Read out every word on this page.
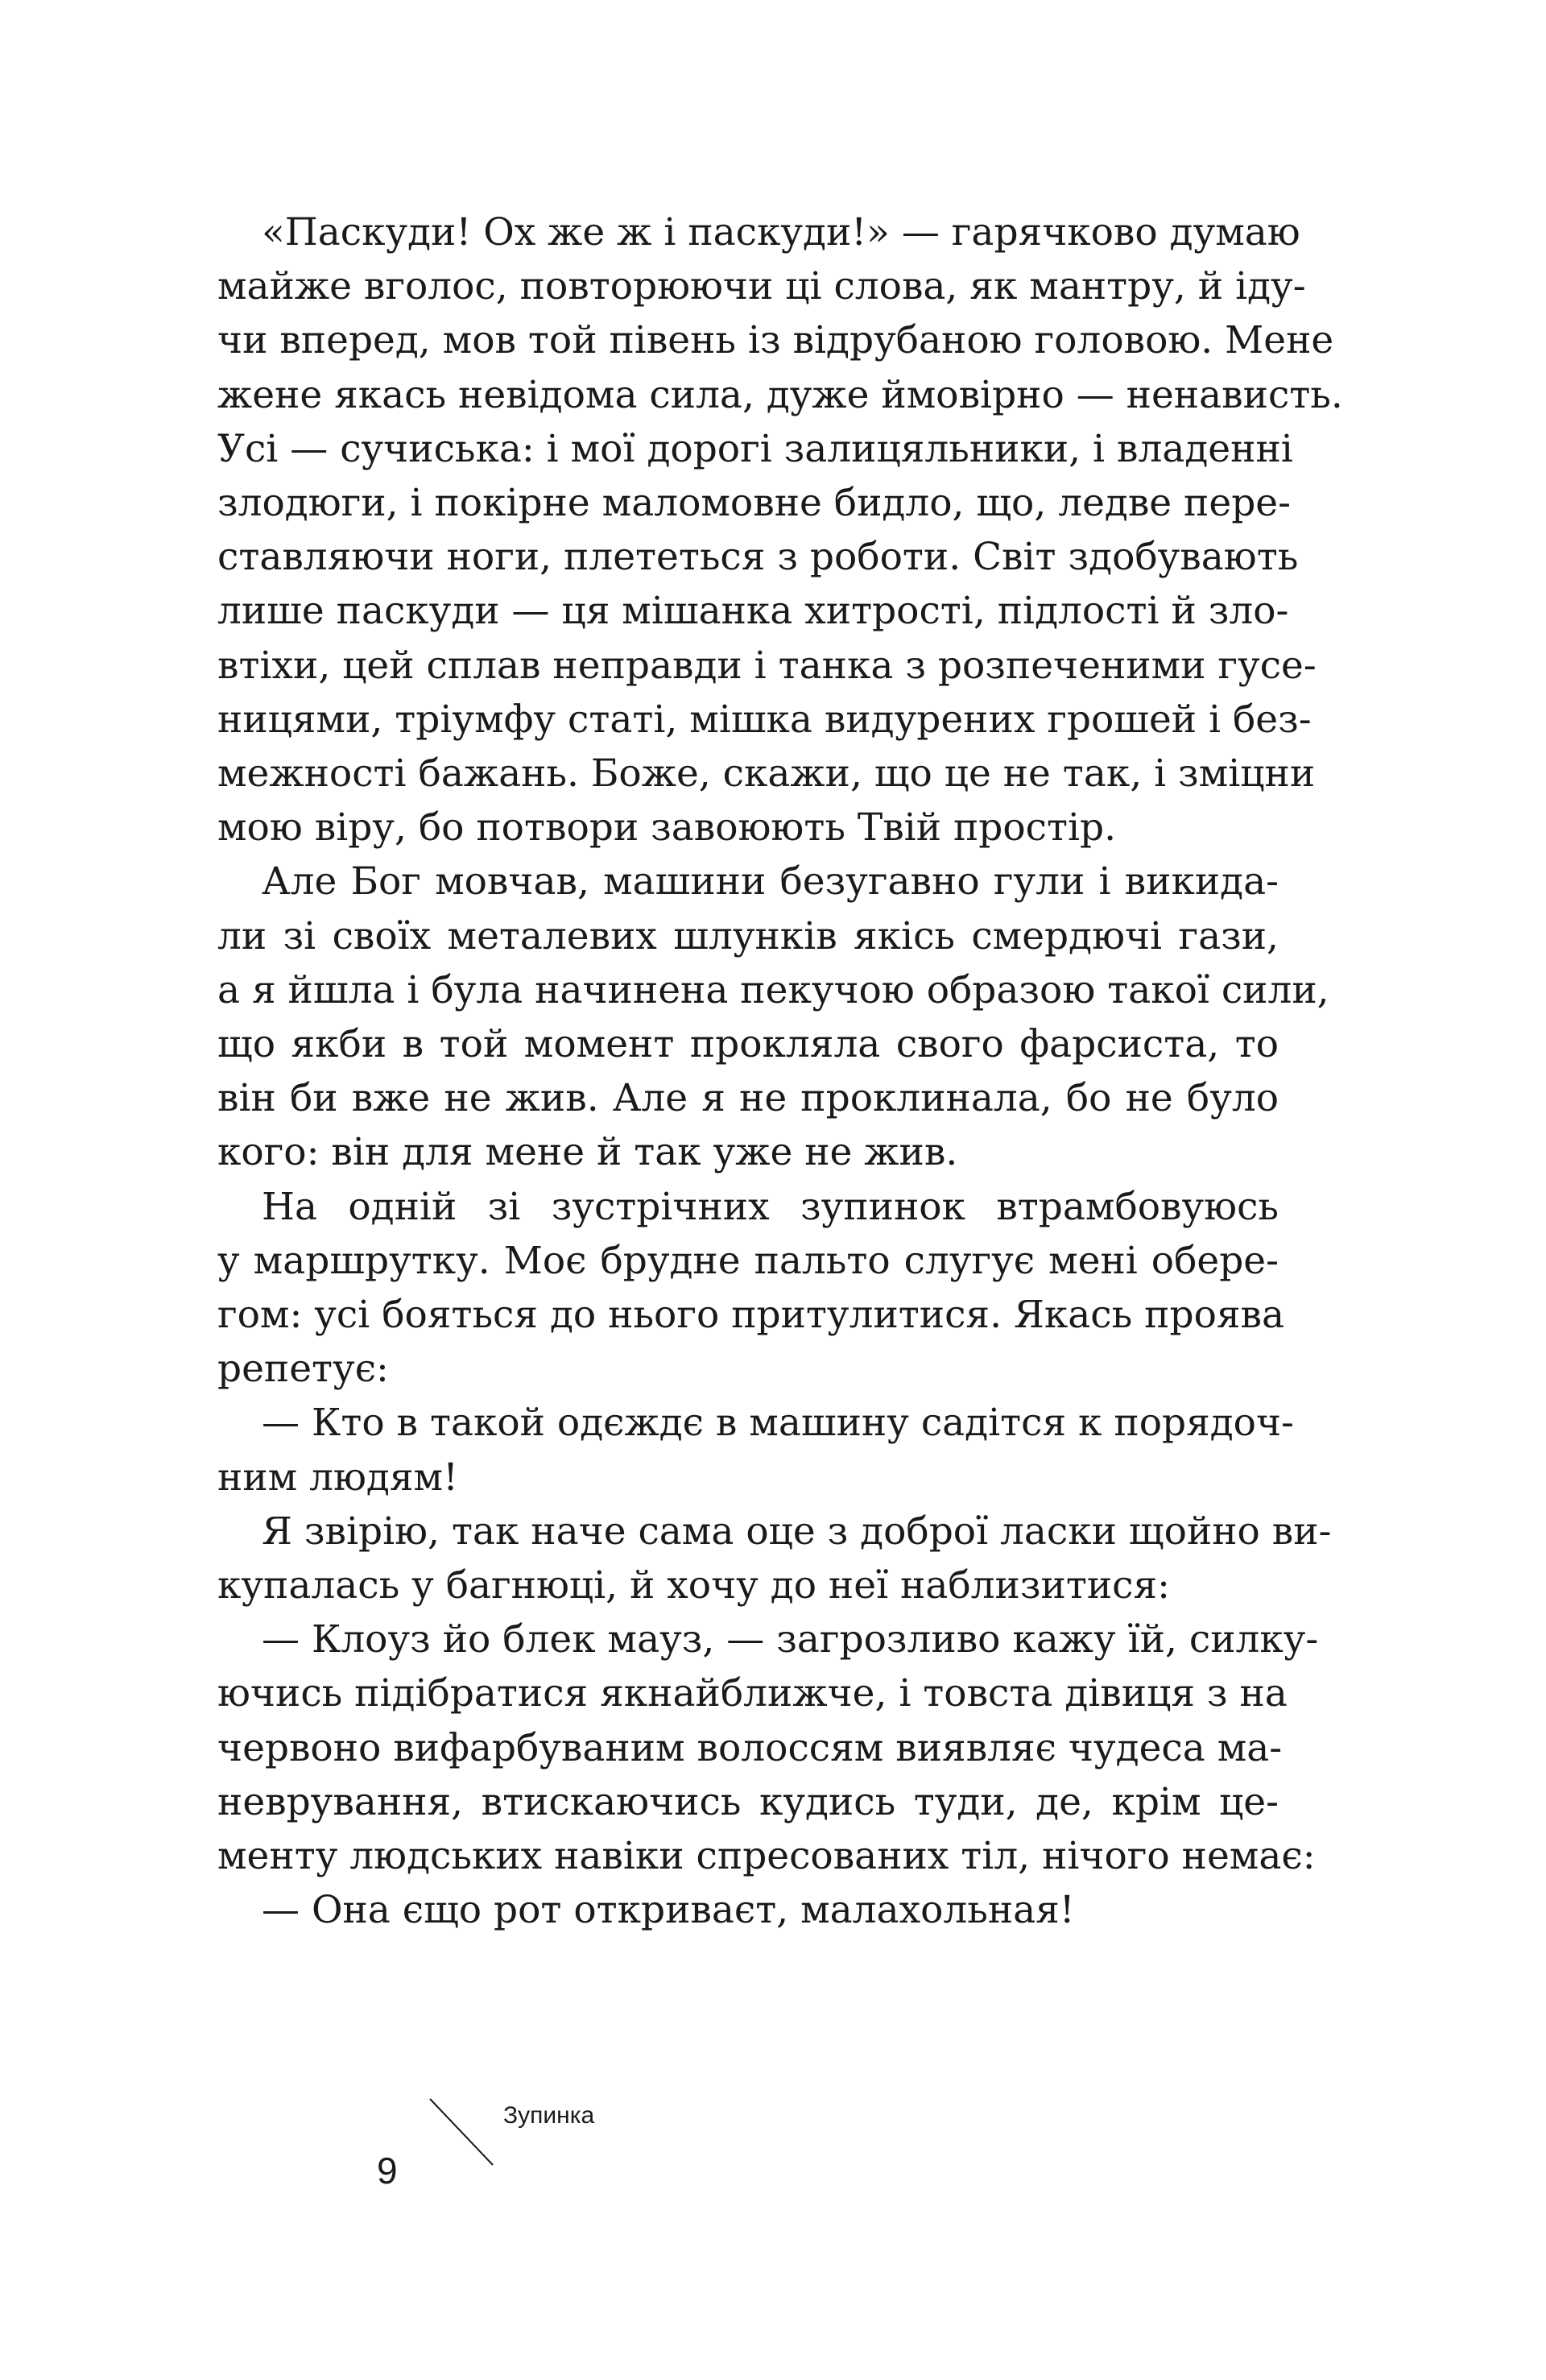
«Паскуди! Ох же ж і паскуди!» — гарячково думаю
майже вголос, повторюючи ці слова, як мантру, й іду-
чи вперед, мов той півень із відрубаною головою. Мене
жене якась невідома сила, дуже ймовірно — ненависть.
Усі — сучиська: і мої дорогі залицяльники, і владенні
злодюги, і покірне маломовне бидло, що, ледве пере-
ставляючи ноги, плететься з роботи. Світ здобувають
лише паскуди — ця мішанка хитрості, підлості й зло-
втіхи, цей сплав неправди і танка з розпеченими гусе-
ницями, тріумфу статі, мішка видурених грошей і без-
межності бажань. Боже, скажи, що це не так, і зміцни
мою віру, бо потвори завоюють Твій простір.
Але Бог мовчав, машини безугавно гули і викида-
ли зі своїх металевих шлунків якісь смердючі гази,
а я йшла і була начинена пекучою образою такої сили,
що якби в той момент прокляла свого фарсиста, то
він би вже не жив. Але я не проклинала, бо не було
кого: він для мене й так уже не жив.
На одній зі зустрічних зупинок втрамбовуюсь
у маршрутку. Моє брудне пальто слугує мені обере-
гом: усі бояться до нього притулитися. Якась проява
репетує:
— Кто в такой одєждє в машину садітся к порядоч-
ним людям!
Я звірію, так наче сама оце з доброї ласки щойно ви-
купалась у багнюці, й хочу до неї наблизитися:
— Клоуз йо блек мауз, — загрозливо кажу їй, силку-
ючись підібратися якнайближче, і товста дівиця з на
червоно вифарбуваним волоссям виявляє чудеса ма-
неврування, втискаючись кудись туди, де, крім це-
менту людських навіки спресованих тіл, нічого немає:
— Она єщо рот откриваєт, малахольная!
9
Зупинка
